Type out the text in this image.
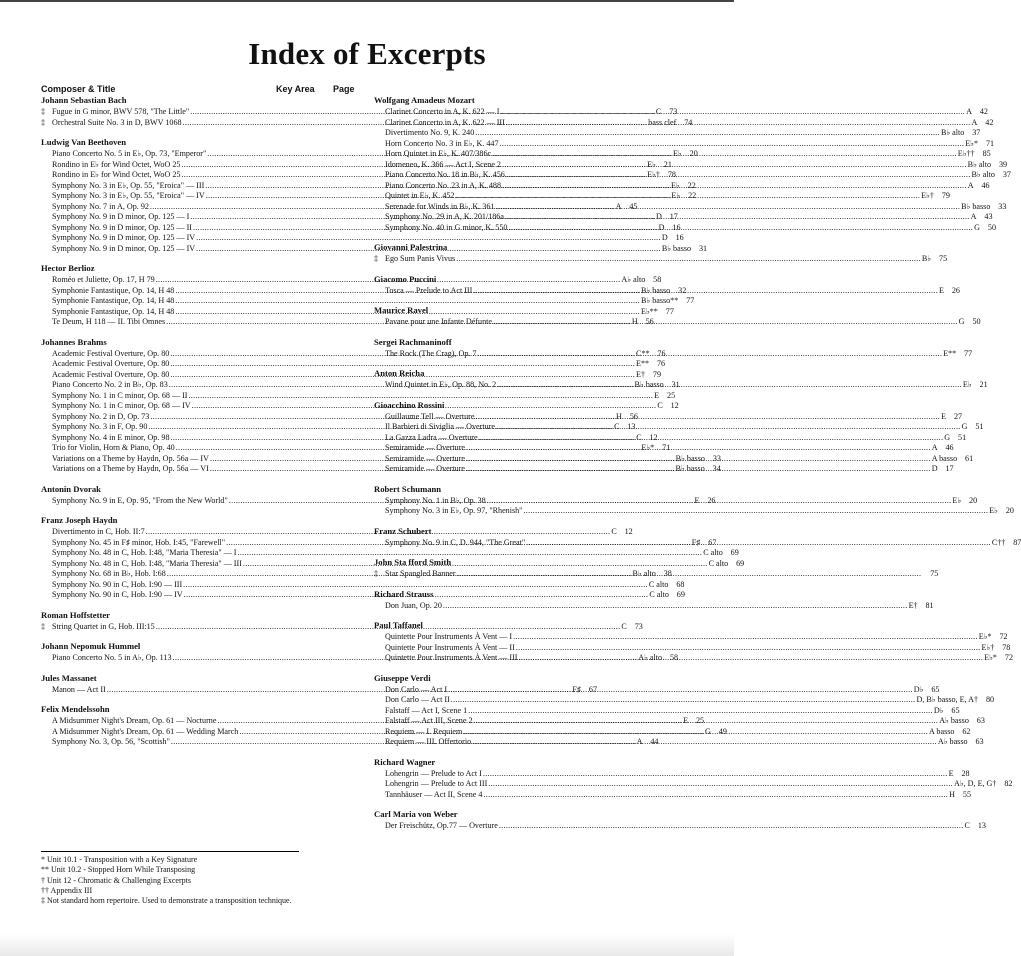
Index of Excerpts
Composer & Title	Key Area Page
Johann Sebastian Bach
‡ Fugue in G minor, BWV 578, "The Little" .....	C 73
‡ Orchestral Suite No. 3 in D, BWV 1068 .....	bass clef 74
Ludwig Van Beethoven
Piano Concerto No. 5 in E♭, Op. 73, "Emperor" .....	E♭ 20
Rondino in E♭ for Wind Octet, WoO 25 .....	E♭ 21
Rondino in E♭ for Wind Octet, WoO 25 .....	E♭† 78
Symphony No. 3 in E♭, Op. 55, "Eroica" — III .....	E♭ 22
Symphony No. 3 in E♭, Op. 55, "Eroica" — IV .....	E♭ 22
Symphony No. 7 in A, Op. 92 .....	A 45
Symphony No. 9 in D minor, Op. 125 — I .....	D 17
Symphony No. 9 in D minor, Op. 125 — II .....	D 16
Symphony No. 9 in D minor, Op. 125 — IV .....	D 16
Symphony No. 9 in D minor, Op. 125 — IV .....	B♭ basso 31
Hector Berlioz
Roméo et Juliette, Op. 17, H 79 .....	A♭ alto 58
Symphonie Fantastique, Op. 14, H 48 .....	B♭ basso 32
Symphonie Fantastique, Op. 14, H 48 .....	B♭ basso** 77
Symphonie Fantastique, Op. 14, H 48 .....	E♭** 77
Te Deum, H 118 — II. Tibi Omnes .....	H 56
Johannes Brahms
Academic Festival Overture, Op. 80 .....	C** 76
Academic Festival Overture, Op. 80 .....	E** 76
Academic Festival Overture, Op. 80 .....	E† 79
Piano Concerto No. 2 in B♭, Op. 83 .....	B♭ basso 31
Symphony No. 1 in C minor, Op. 68 — II .....	E 25
Symphony No. 1 in C minor, Op. 68 — IV .....	C 12
Symphony No. 2 in D, Op. 73 .....	H 56
Symphony No. 3 in F, Op. 90 .....	C 13
Symphony No. 4 in E minor, Op. 98 .....	C 12
Trio for Violin, Horn & Piano, Op. 40 .....	E♭* 71
Variations on a Theme by Haydn, Op. 56a — IV .....	B♭ basso 33
Variations on a Theme by Haydn, Op. 56a — VI .....	B♭ basso 34
Antonin Dvorak
Symphony No. 9 in E, Op. 95, "From the New World" .....	E 26
Franz Joseph Haydn
Divertimento in C, Hob. II:7 .....	C 12
Symphony No. 45 in F♯ minor, Hob. I:45, "Farewell" .....	F♯ 67
Symphony No. 48 in C, Hob. I:48, "Maria Theresia" — I .....	C alto 69
Symphony No. 48 in C, Hob. I:48, "Maria Theresia" — III .....	C alto 69
Symphony No. 68 in B♭, Hob. I:68 .....	B♭ alto 38
Symphony No. 90 in C, Hob. I:90 — III .....	C alto 68
Symphony No. 90 in C, Hob. I:90 — IV .....	C alto 69
Roman Hoffstetter
‡ String Quartet in G, Hob. III:15 .....	C 73
Johann Nepomuk Hummel
Piano Concerto No. 5 in A♭, Op. 113 .....	A♭ alto 58
Jules Massanet
Manon — Act II .....	F♯ 67
Felix Mendelssohn
A Midsummer Night's Dream, Op. 61 — Nocturne .....	E 25
A Midsummer Night's Dream, Op. 61 — Wedding March .....	G 49
Symphony No. 3, Op. 56, "Scottish" .....	A 44
Wolfgang Amadeus Mozart
Clarinet Concerto in A, K. 622 — I .....	A 42
Clarinet Concerto in A, K. 622 — III .....	A 42
Divertimento No. 9, K. 240 .....	B♭ alto 37
Horn Concerto No. 3 in E♭, K. 447 .....	E♭* 71
Horn Quintet in E♭, K. 407/386c .....	E♭†† 85
Idomeneo, K. 366 — Act I, Scene 2 .....	B♭ alto 39
Piano Concerto No. 18 in B♭, K. 456 .....	B♭ alto 37
Piano Concerto No. 23 in A, K. 488 .....	A 46
Quintet in E♭, K. 452 .....	E♭† 79
Serenade for Winds in B♭, K. 361 .....	B♭ basso 33
Symphony No. 29 in A, K. 201/186a .....	A 43
Symphony No. 40 in G minor, K. 550 .....	G 50
Giovanni Palestrina
‡ Ego Sum Panis Vivus .....	B♭ 75
Giacomo Puccini
Tosca — Prelude to Act III .....	E 26
Maurice Ravel
Pavane pour une Infante Défunte .....	G 50
Sergei Rachmaninoff
The Rock (The Crag), Op. 7 .....	E** 77
Anton Reicha
Wind Quintet in E♭, Op. 88, No. 2 .....	E♭ 21
Gioacchino Rossini
Guillaume Tell — Overture .....	E 27
Il Barbieri di Siviglia — Overture .....	G 51
La Gazza Ladra — Overture .....	G 51
Semiramide — Overture .....	A 46
Semiramide — Overture .....	A basso 61
Semiramide — Overture .....	D 17
Robert Schumann
Symphony No. 1 in B♭, Op. 38 .....	E♭ 20
Symphony No. 3 in E♭, Op. 97, "Rhenish" .....	E♭ 20
Franz Schubert
Symphony No. 9 in C, D. 944, "The Great" .....	C†† 87
John Sta fford Smith
‡ Star Spangled Banner .....	75
Richard Strauss
Don Juan, Op. 20 .....	E† 81
Paul Taffanel
Quintette Pour Instruments À Vent — I .....	E♭* 72
Quintette Pour Instruments À Vent — II .....	E♭† 78
Quintette Pour Instruments À Vent — III .....	E♭* 72
Giuseppe Verdi
Don Carlo — Act I .....	D♭ 65
Don Carlo — Act II .....	D, B♭ basso, E, A† 80
Falstaff — Act I, Scene 1 .....	D♭ 65
Falstaff — Act III, Scene 2 .....	A♭ basso 63
Requiem — I. Requiem .....	A basso 62
Requiem — III. Offertorio .....	A♭ basso 63
Richard Wagner
Lohengrin — Prelude to Act I .....	E 28
Lohengrin — Prelude to Act III .....	A♭, D, E, G† 82
Tannhäuser — Act II, Scene 4 .....	H 55
Carl Maria von Weber
Der Freischütz, Op.77 — Overture .....	C 13
* Unit 10.1 - Transposition with a Key Signature
** Unit 10.2 - Stopped Horn While Transposing
† Unit 12 - Chromatic & Challenging Excerpts
†† Appendix III
‡ Not standard horn repertoire. Used to demonstrate a transposition technique.
